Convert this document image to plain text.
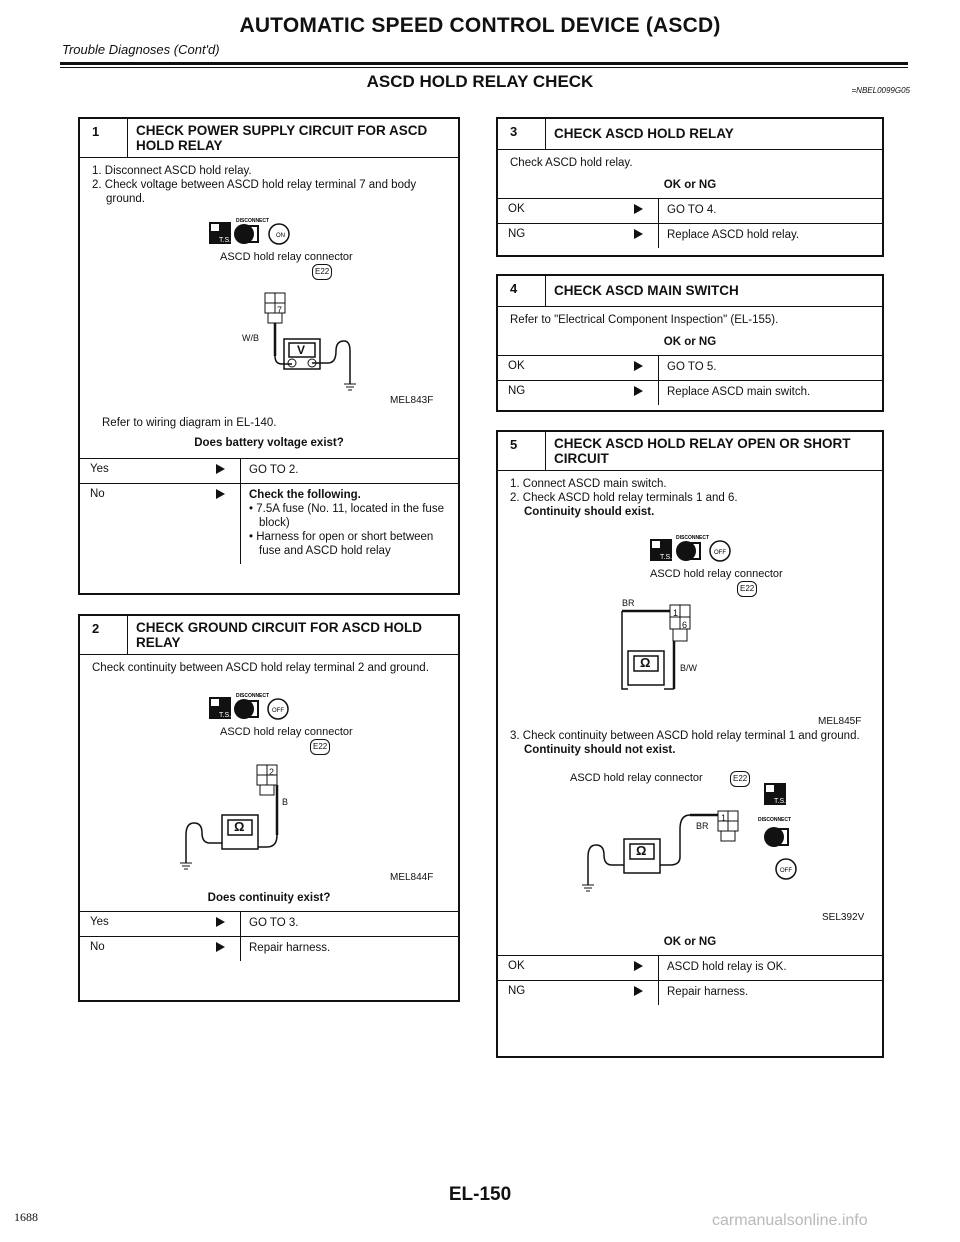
AUTOMATIC SPEED CONTROL DEVICE (ASCD)
Trouble Diagnoses (Cont'd)
ASCD HOLD RELAY CHECK	=NBEL0099G05
1	CHECK POWER SUPPLY CIRCUIT FOR ASCD HOLD RELAY
1. Disconnect ASCD hold relay.
2. Check voltage between ASCD hold relay terminal 7 and body ground.
T.S.
DISCONNECT
ON
ASCD hold relay connector
E22
7
W/B
V
MEL843F
Refer to wiring diagram in EL-140.
Does battery voltage exist?
Yes	GO TO 2.
No	Check the following.
• 7.5A fuse (No. 11, located in the fuse block)
• Harness for open or short between fuse and ASCD hold relay
2	CHECK GROUND CIRCUIT FOR ASCD HOLD RELAY
Check continuity between ASCD hold relay terminal 2 and ground.
T.S.
DISCONNECT
OFF
ASCD hold relay connector
E22
2
B
Ω
MEL844F
Does continuity exist?
Yes	GO TO 3.
No	Repair harness.
3	CHECK ASCD HOLD RELAY
Check ASCD hold relay.
OK or NG
OK	GO TO 4.
NG	Replace ASCD hold relay.
4	CHECK ASCD MAIN SWITCH
Refer to "Electrical Component Inspection" (EL-155).
OK or NG
OK	GO TO 5.
NG	Replace ASCD main switch.
5	CHECK ASCD HOLD RELAY OPEN OR SHORT CIRCUIT
1. Connect ASCD main switch.
2. Check ASCD hold relay terminals 1 and 6.
Continuity should exist.
T.S.
DISCONNECT
OFF
ASCD hold relay connector
E22
BR
1
6
B/W
Ω
MEL845F
3. Check continuity between ASCD hold relay terminal 1 and ground.
Continuity should not exist.
T.S.
DISCONNECT
OFF
ASCD hold relay connector	E22
BR
1
Ω
SEL392V
OK or NG
OK	ASCD hold relay is OK.
NG	Repair harness.
EL-150
1688	carmanualsonline.info
